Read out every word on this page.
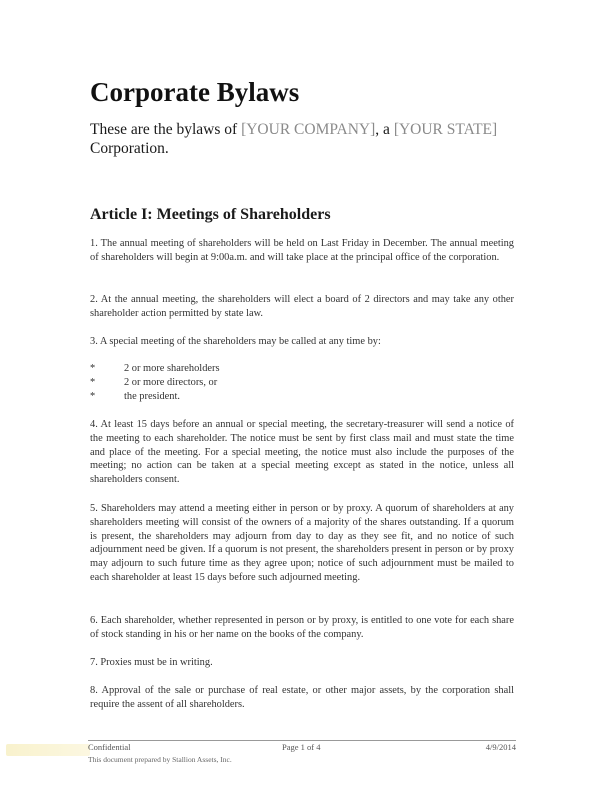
Corporate Bylaws

These are the bylaws of [YOUR COMPANY], a [YOUR STATE] Corporation.

Article I: Meetings of Shareholders

1. The annual meeting of shareholders will be held on Last Friday in December. The annual meeting of shareholders will begin at 9:00a.m. and will take place at the principal office of the corporation.

2. At the annual meeting, the shareholders will elect a board of 2 directors and may take any other shareholder action permitted by state law.

3. A special meeting of the shareholders may be called at any time by:

*	2 or more shareholders
*	2 or more directors, or
*	the president.

4. At least 15 days before an annual or special meeting, the secretary-treasurer will send a notice of the meeting to each shareholder. The notice must be sent by first class mail and must state the time and place of the meeting. For a special meeting, the notice must also include the purposes of the meeting; no action can be taken at a special meeting except as stated in the notice, unless all shareholders consent.

5. Shareholders may attend a meeting either in person or by proxy. A quorum of shareholders at any shareholders meeting will consist of the owners of a majority of the shares outstanding. If a quorum is present, the shareholders may adjourn from day to day as they see fit, and no notice of such adjournment need be given. If a quorum is not present, the shareholders present in person or by proxy may adjourn to such future time as they agree upon; notice of such adjournment must be mailed to each shareholder at least 15 days before such adjourned meeting.

6. Each shareholder, whether represented in person or by proxy, is entitled to one vote for each share of stock standing in his or her name on the books of the company.

7. Proxies must be in writing.

8. Approval of the sale or purchase of real estate, or other major assets, by the corporation shall require the assent of all shareholders.

Confidential	Page 1 of 4	4/9/2014
This document prepared by Stallion Assets, Inc.
